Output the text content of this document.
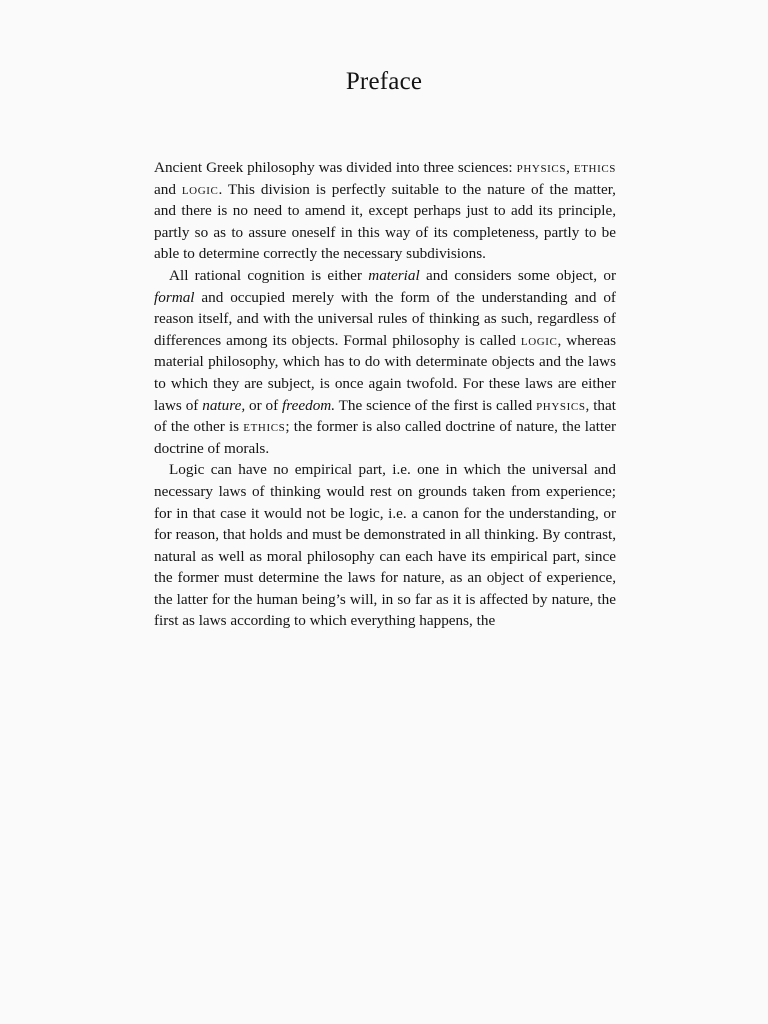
Preface

Ancient Greek philosophy was divided into three sciences: physics, ethics and logic. This division is perfectly suitable to the nature of the matter, and there is no need to amend it, except perhaps just to add its principle, partly so as to assure oneself in this way of its completeness, partly to be able to determine correctly the necessary subdivisions.

All rational cognition is either material and considers some object, or formal and occupied merely with the form of the understanding and of reason itself, and with the universal rules of thinking as such, regardless of differences among its objects. Formal philosophy is called logic, whereas material philosophy, which has to do with determinate objects and the laws to which they are subject, is once again twofold. For these laws are either laws of nature, or of freedom. The science of the first is called physics, that of the other is ethics; the former is also called doctrine of nature, the latter doctrine of morals.

Logic can have no empirical part, i.e. one in which the universal and necessary laws of thinking would rest on grounds taken from experience; for in that case it would not be logic, i.e. a canon for the understanding, or for reason, that holds and must be demonstrated in all thinking. By contrast, natural as well as moral philosophy can each have its empirical part, since the former must determine the laws for nature, as an object of experience, the latter for the human being’s will, in so far as it is affected by nature, the first as laws according to which everything happens, the
